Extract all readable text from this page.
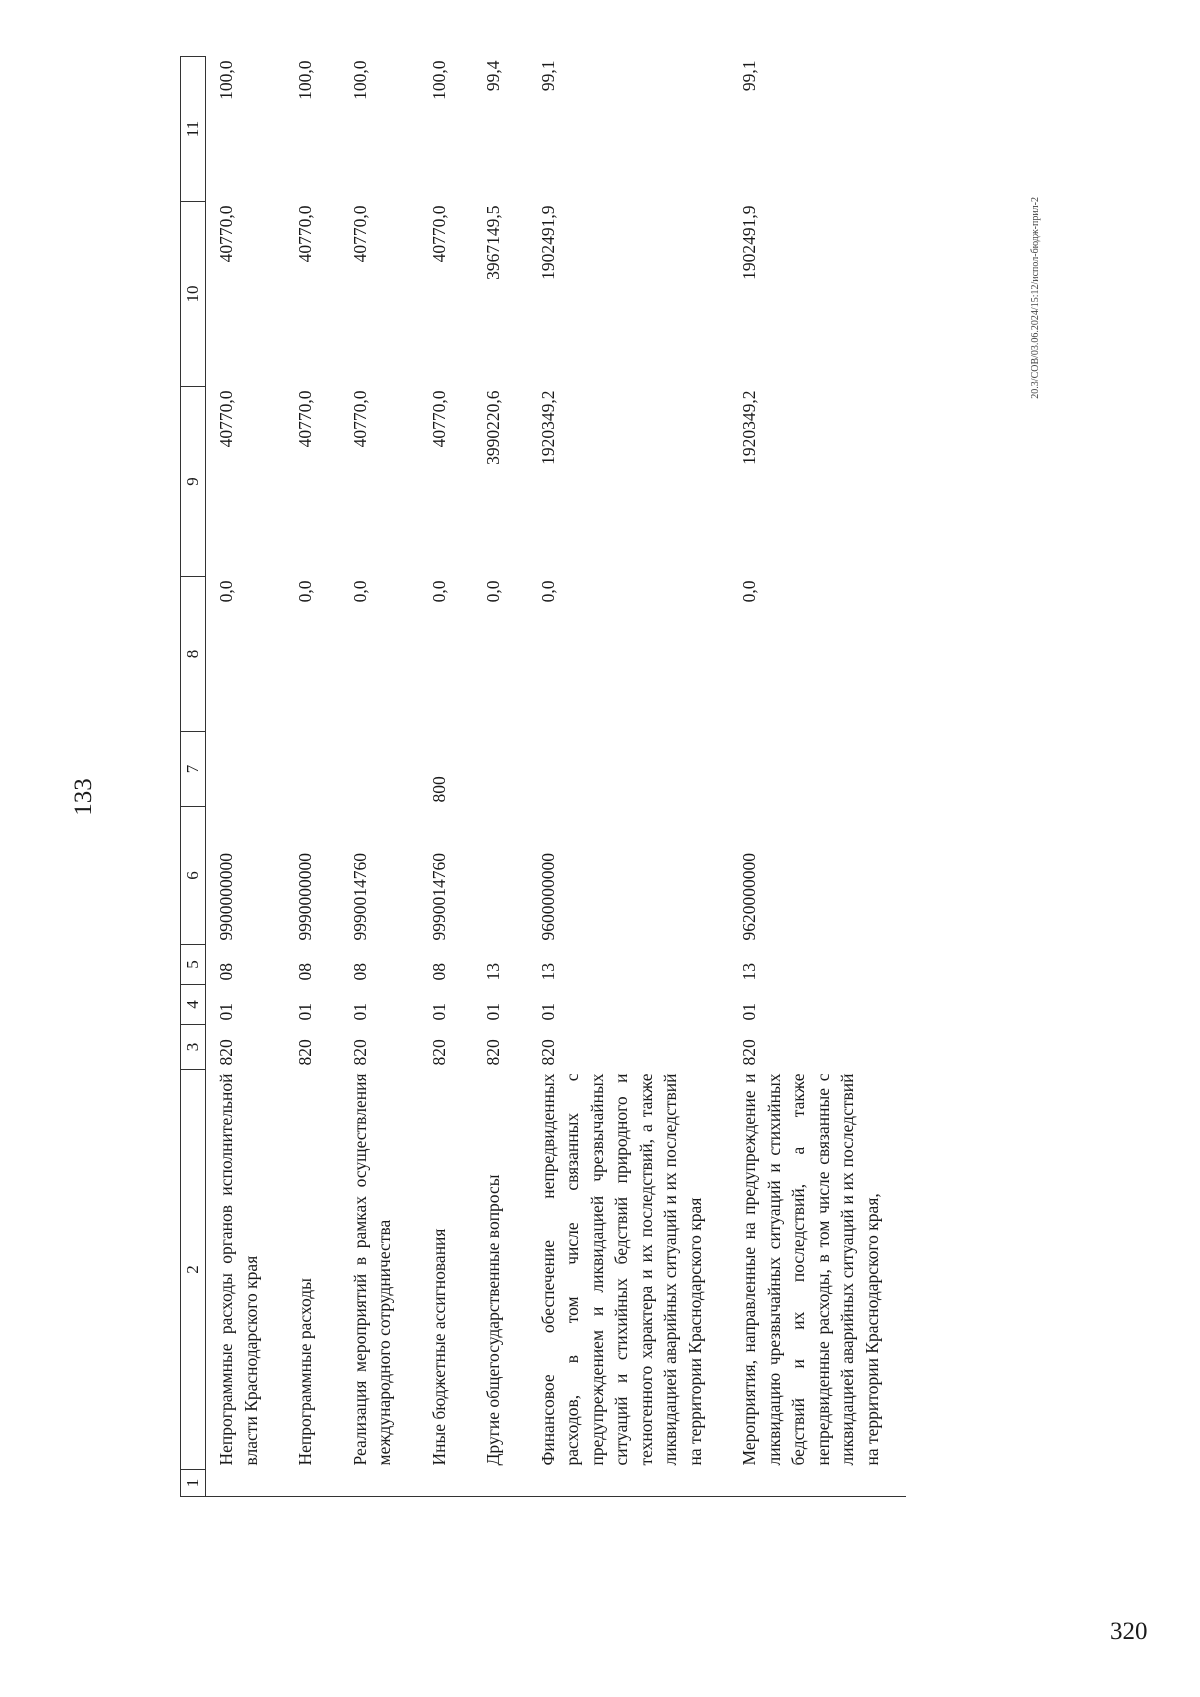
133
1	2	3	4	5	6	7	8	9	10	11
	Непрограммные расходы органов исполнительной власти Краснодарского края	820	01	08	9900000000		0,0	40770,0	40770,0	100,0
	Непрограммные расходы	820	01	08	9990000000		0,0	40770,0	40770,0	100,0
	Реализация мероприятий в рамках осуществления международного сотрудничества	820	01	08	9990014760		0,0	40770,0	40770,0	100,0
	Иные бюджетные ассигнования	820	01	08	9990014760	800	0,0	40770,0	40770,0	100,0
	Другие общегосударственные вопросы	820	01	13			0,0	3990220,6	3967149,5	99,4
	Финансовое обеспечение непредвиденных расходов, в том числе связанных с предупреждением и ликвидацией чрезвычайных ситуаций и стихийных бедствий природного и техногенного характера и их последствий, а также ликвидацией аварийных ситуаций и их последствий на территории Краснодарского края	820	01	13	9600000000		0,0	1920349,2	1902491,9	99,1
	Мероприятия, направленные на предупреждение и ликвидацию чрезвычайных ситуаций и стихийных бедствий и их последствий, а также непредвиденные расходы, в том числе связанные с ликвидацией аварийных ситуаций и их последствий на территории Краснодарского края,	820	01	13	9620000000		0,0	1920349,2	1902491,9	99,1
20.3/СОВ/03.06.2024/15:12/испол-бюдж-прил-2
320
